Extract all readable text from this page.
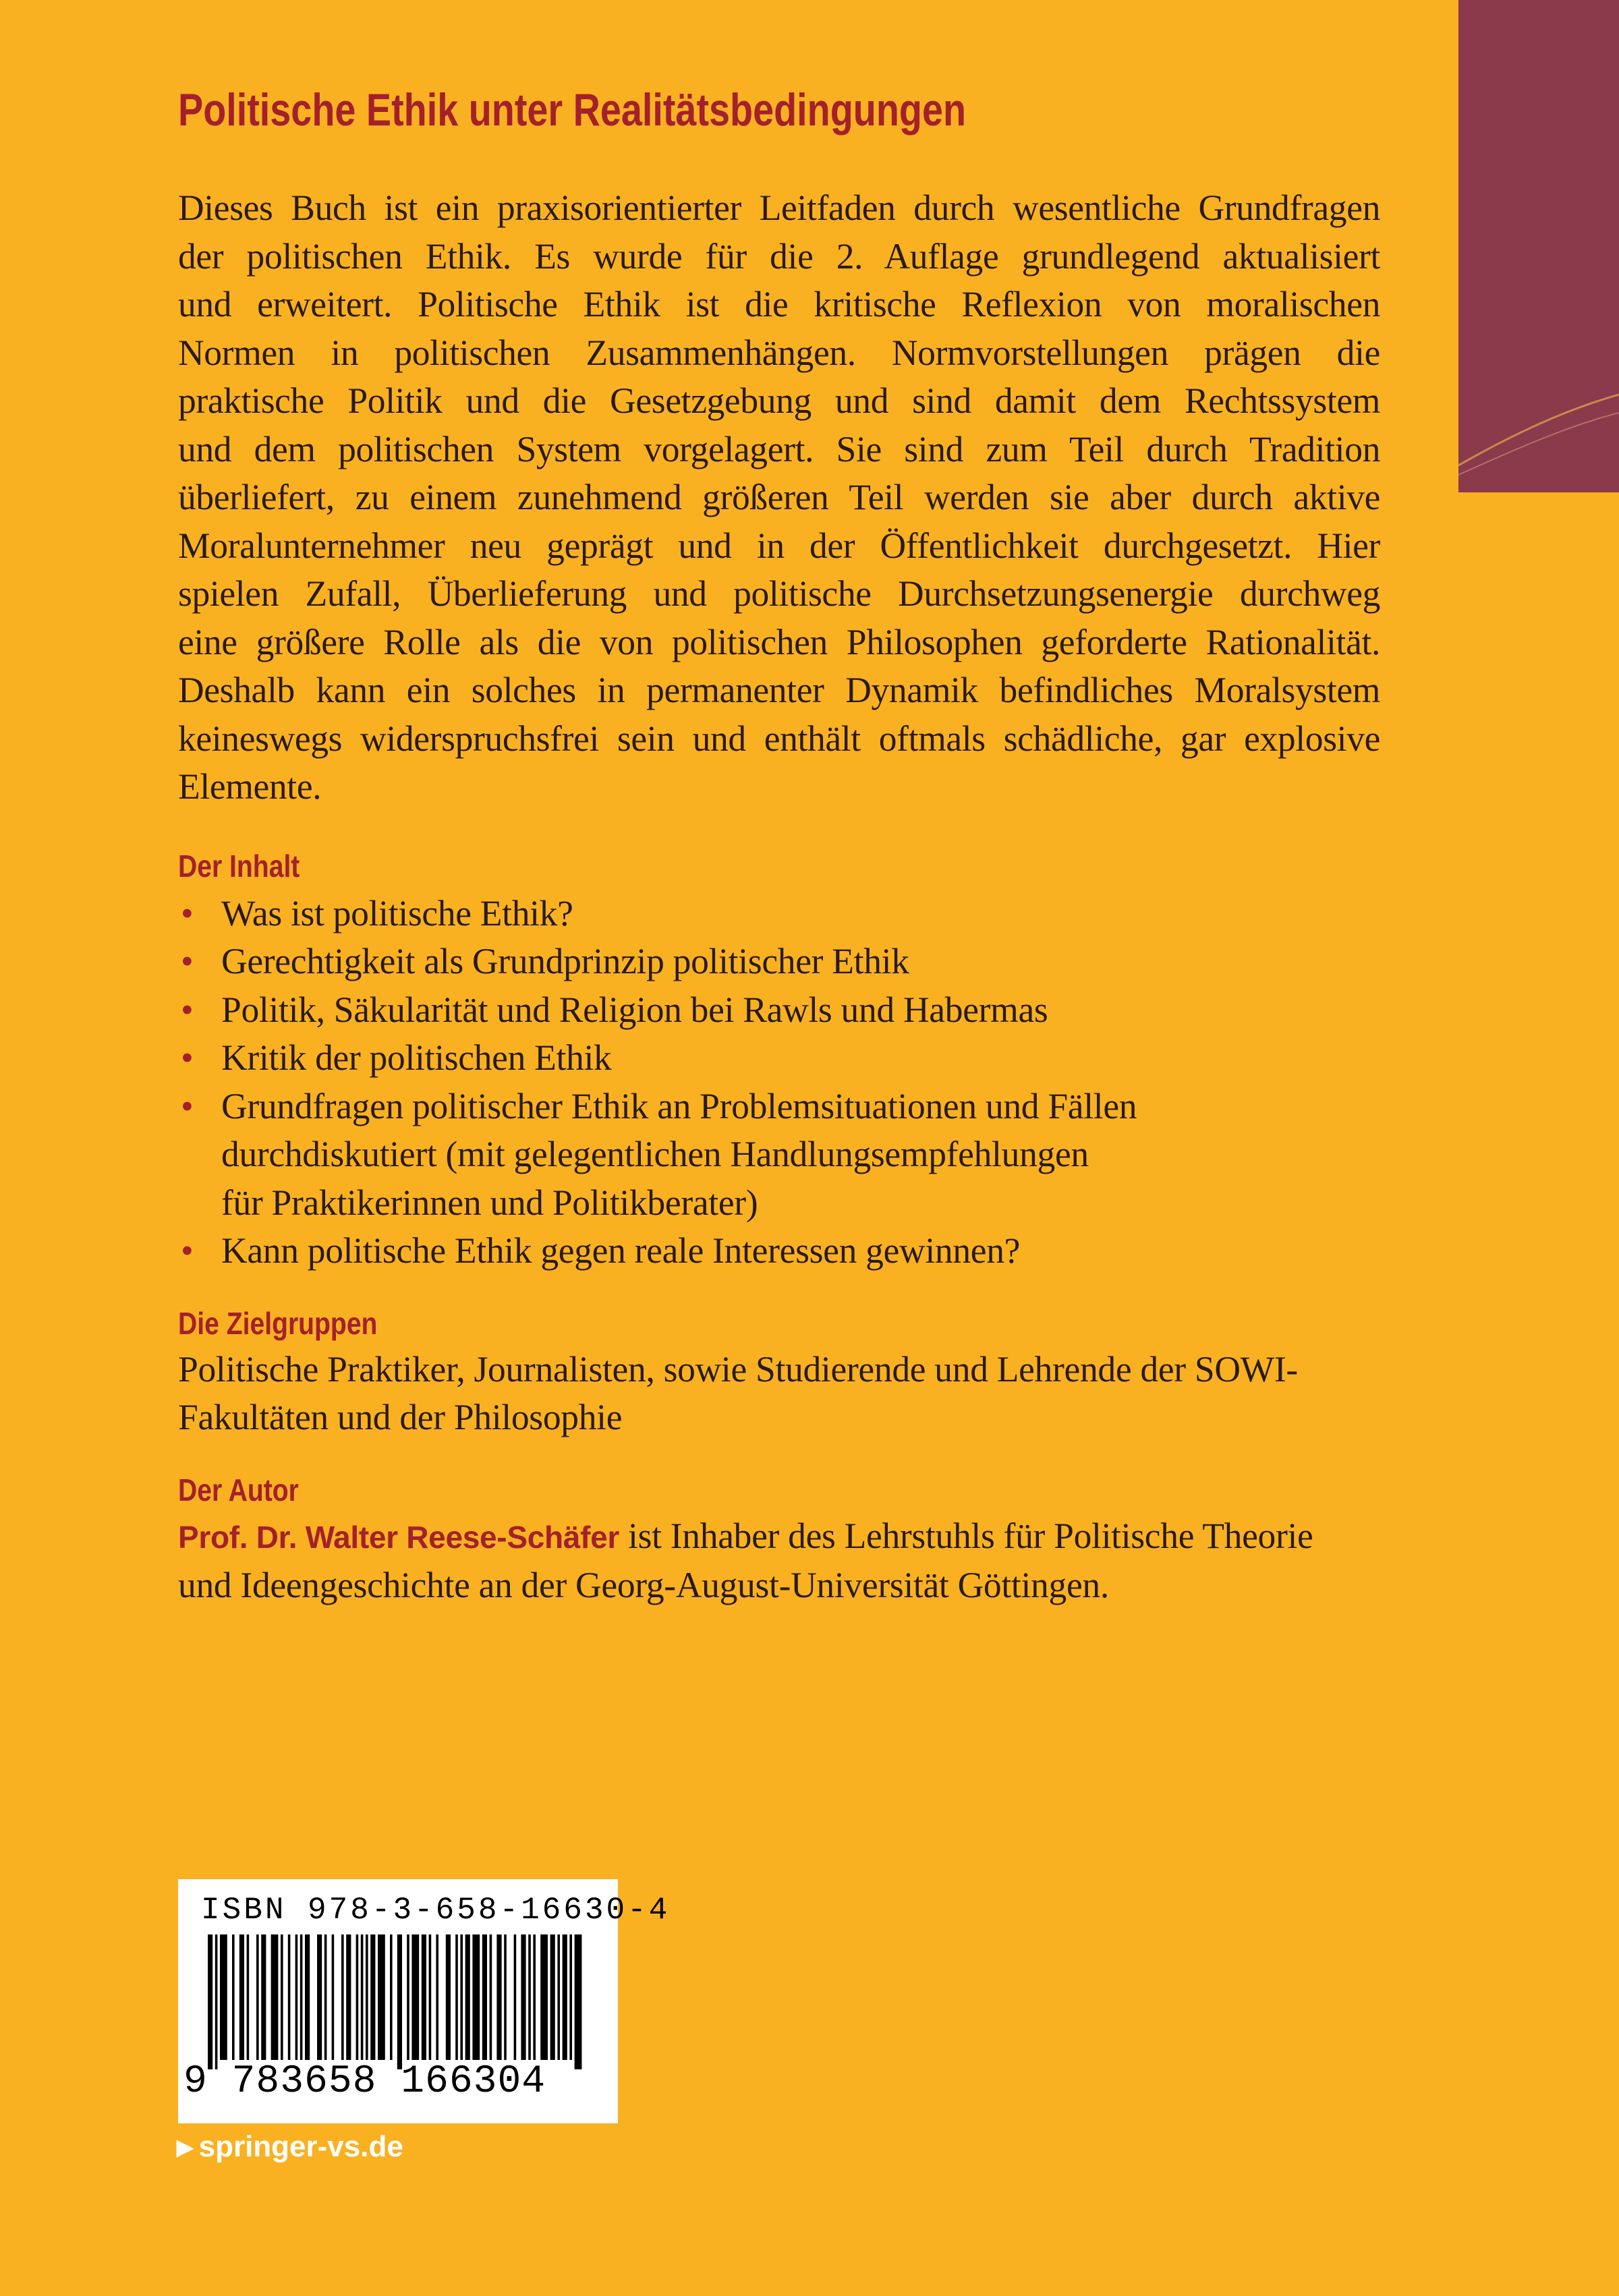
Politische Ethik unter Realitätsbedingungen
Dieses Buch ist ein praxisorientierter Leitfaden durch wesentliche Grundfragen
der politischen Ethik. Es wurde für die 2. Auflage grundlegend aktualisiert
und erweitert. Politische Ethik ist die kritische Reflexion von moralischen
Normen in politischen Zusammenhängen. Normvorstellungen prägen die
praktische Politik und die Gesetzgebung und sind damit dem Rechtssystem
und dem politischen System vorgelagert. Sie sind zum Teil durch Tradition
überliefert, zu einem zunehmend größeren Teil werden sie aber durch aktive
Moralunternehmer neu geprägt und in der Öffentlichkeit durchgesetzt. Hier
spielen Zufall, Überlieferung und politische Durchsetzungsenergie durchweg
eine größere Rolle als die von politischen Philosophen geforderte Rationalität.
Deshalb kann ein solches in permanenter Dynamik befindliches Moralsystem
keineswegs widerspruchsfrei sein und enthält oftmals schädliche, gar explosive
Elemente.
Der Inhalt
• Was ist politische Ethik?
• Gerechtigkeit als Grundprinzip politischer Ethik
• Politik, Säkularität und Religion bei Rawls und Habermas
• Kritik der politischen Ethik
• Grundfragen politischer Ethik an Problemsituationen und Fällen
durchdiskutiert (mit gelegentlichen Handlungsempfehlungen
für Praktikerinnen und Politikberater)
• Kann politische Ethik gegen reale Interessen gewinnen?
Die Zielgruppen

Politische Praktiker, Journalisten, sowie Studierende und Lehrende der SOWI-

Fakultäten und der Philosophie

Der Autor

Prof. Dr. Walter Reese-Schäfer ist Inhaber des Lehrstuhls für Politische Theorie

und Ideengeschichte an der Georg-August-Universität Göttingen.

ISBN 978-3-658-16630-4
9 783658 166304
▶ springer-vs.de
